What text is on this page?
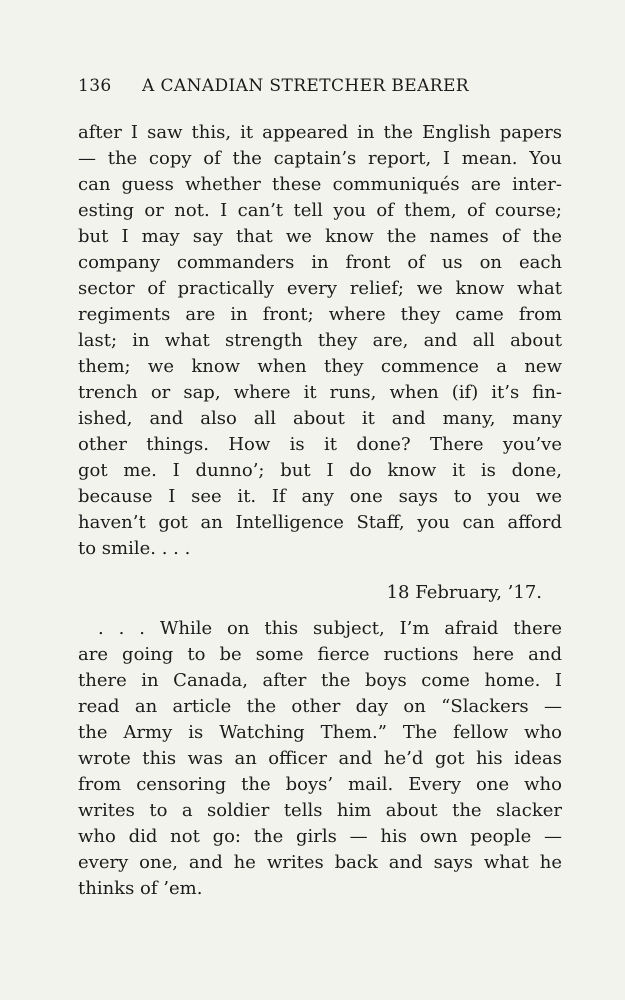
136 A CANADIAN STRETCHER BEARER
after I saw this, it appeared in the English papers
— the copy of the captain’s report, I mean. You
can guess whether these communiqués are inter-
esting or not. I can’t tell you of them, of course;
but I may say that we know the names of the
company commanders in front of us on each
sector of practically every relief; we know what
regiments are in front; where they came from
last; in what strength they are, and all about
them; we know when they commence a new
trench or sap, where it runs, when (if) it’s fin-
ished, and also all about it and many, many
other things. How is it done? There you’ve
got me. I dunno’; but I do know it is done,
because I see it. If any one says to you we
haven’t got an Intelligence Staff, you can afford
to smile. . . .
18 February, ’17.
. . . While on this subject, I’m afraid there
are going to be some fierce ructions here and
there in Canada, after the boys come home. I
read an article the other day on “Slackers —
the Army is Watching Them.” The fellow who
wrote this was an officer and he’d got his ideas
from censoring the boys’ mail. Every one who
writes to a soldier tells him about the slacker
who did not go: the girls — his own people —
every one, and he writes back and says what he
thinks of ’em.
